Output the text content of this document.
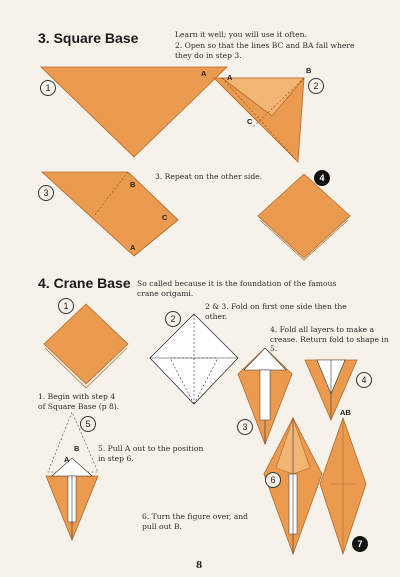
3. Square Base	Learn it well; you will use it often.
2. Open so that the lines BC and BA fall where they do in step 3.
1
A	A
B
C
2
B
C
A
3
3. Repeat on the other side.	4
4. Crane Base So called because it is the foundation of the famous crane origami.
1
2
2 & 3. Fold on first one side then the other.
3
4. Fold all layers to make a crease. Return fold to shape in 5.
4
1. Begin with step 4 of Square Base (p 8).
5
B
A
5. Pull A out to the position in step 6.
6. Turn the figure over, and pull out B.
6
AB
7
8
